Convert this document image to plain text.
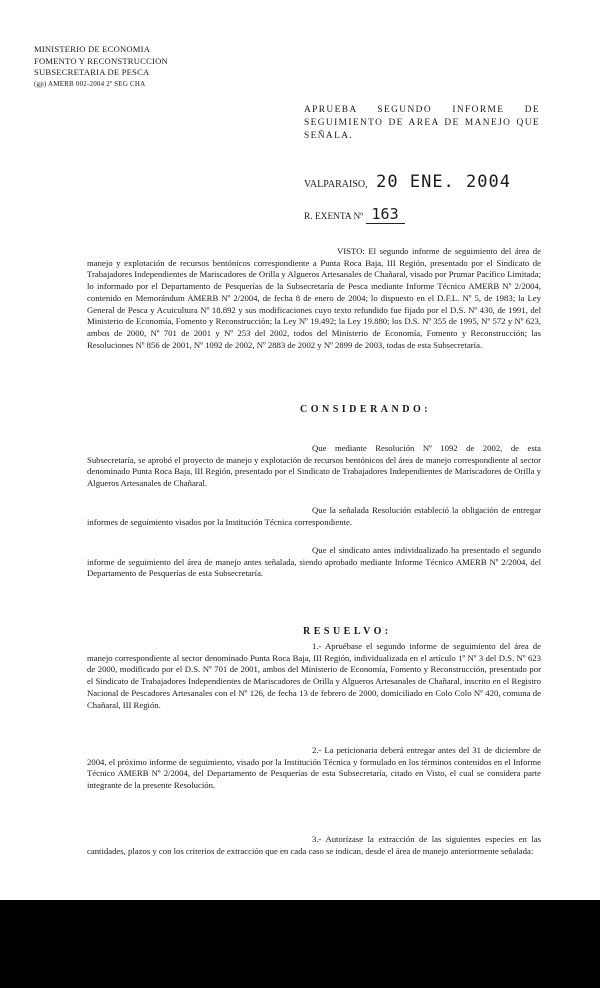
MINISTERIO DE ECONOMIA
FOMENTO Y RECONSTRUCCION
SUBSECRETARIA DE PESCA
(gp) AMERB 002-2004 2º SEG CHA
APRUEBA SEGUNDO INFORME DE SEGUIMIENTO DE AREA DE MANEJO QUE SEÑALA.
VALPARAISO, 20 ENE. 2004
R. EXENTA Nº 163
VISTO: El segundo informe de seguimiento del área de manejo y explotación de recursos bentónicos correspondiente a Punta Roca Baja, III Región, presentado por el Sindicato de Trabajadores Independientes de Mariscadores de Orilla y Algueros Artesanales de Chañaral, visado por Prumar Pacífico Limitada; lo informado por el Departamento de Pesquerías de la Subsecretaría de Pesca mediante Informe Técnico AMERB Nº 2/2004, contenido en Memorándum AMERB Nº 2/2004, de fecha 8 de enero de 2004; lo dispuesto en el D.F.L. Nº 5, de 1983; la Ley General de Pesca y Acuicultura Nº 18.892 y sus modificaciones cuyo texto refundido fue fijado por el D.S. Nº 430, de 1991, del Ministerio de Economía, Fomento y Reconstrucción; la Ley Nº 19.492; la Ley 19.880; los D.S. Nº 355 de 1995, Nº 572 y Nº 623, ambos de 2000, Nº 701 de 2001 y Nº 253 del 2002, todos del Ministerio de Economía, Fomento y Reconstrucción; las Resoluciones Nº 856 de 2001, Nº 1092 de 2002, Nº 2883 de 2002 y Nº 2899 de 2003, todas de esta Subsecretaría.
CONSIDERANDO:
Que mediante Resolución Nº 1092 de 2002, de esta Subsecretaría, se aprobó el proyecto de manejo y explotación de recursos bentónicos del área de manejo correspondiente al sector denominado Punta Roca Baja, III Región, presentado por el Sindicato de Trabajadores Independientes de Mariscadores de Orilla y Algueros Artesanales de Chañaral.
Que la señalada Resolución estableció la obligación de entregar informes de seguimiento visados por la Institución Técnica correspondiente.
Que el sindicato antes individualizado ha presentado el segundo informe de seguimiento del área de manejo antes señalada, siendo aprobado mediante Informe Técnico AMERB Nº 2/2004, del Departamento de Pesquerías de esta Subsecretaría.
RESUELVO:
1.- Apruébase el segundo informe de seguimiento del área de manejo correspondiente al sector denominado Punta Roca Baja, III Región, individualizada en el artículo 1º Nº 3 del D.S. Nº 623 de 2000, modificado por el D.S. Nº 701 de 2001, ambos del Ministerio de Economía, Fomento y Reconstrucción, presentado por el Sindicato de Trabajadores Independientes de Mariscadores de Orilla y Algueros Artesanales de Chañaral, inscrito en el Registro Nacional de Pescadores Artesanales con el Nº 126, de fecha 13 de febrero de 2000, domiciliado en Colo Colo Nº 420, comuna de Chañaral, III Región.
2.- La peticionaria deberá entregar antes del 31 de diciembre de 2004, el próximo informe de seguimiento, visado por la Institución Técnica y formulado en los términos contenidos en el Informe Técnico AMERB Nº 2/2004, del Departamento de Pesquerías de esta Subsecretaría, citado en Visto, el cual se considera parte integrante de la presente Resolución.
3.- Autorízase la extracción de las siguientes especies en las cantidades, plazos y con los criterios de extracción que en cada caso se indican, desde el área de manejo anteriormente señalada:
